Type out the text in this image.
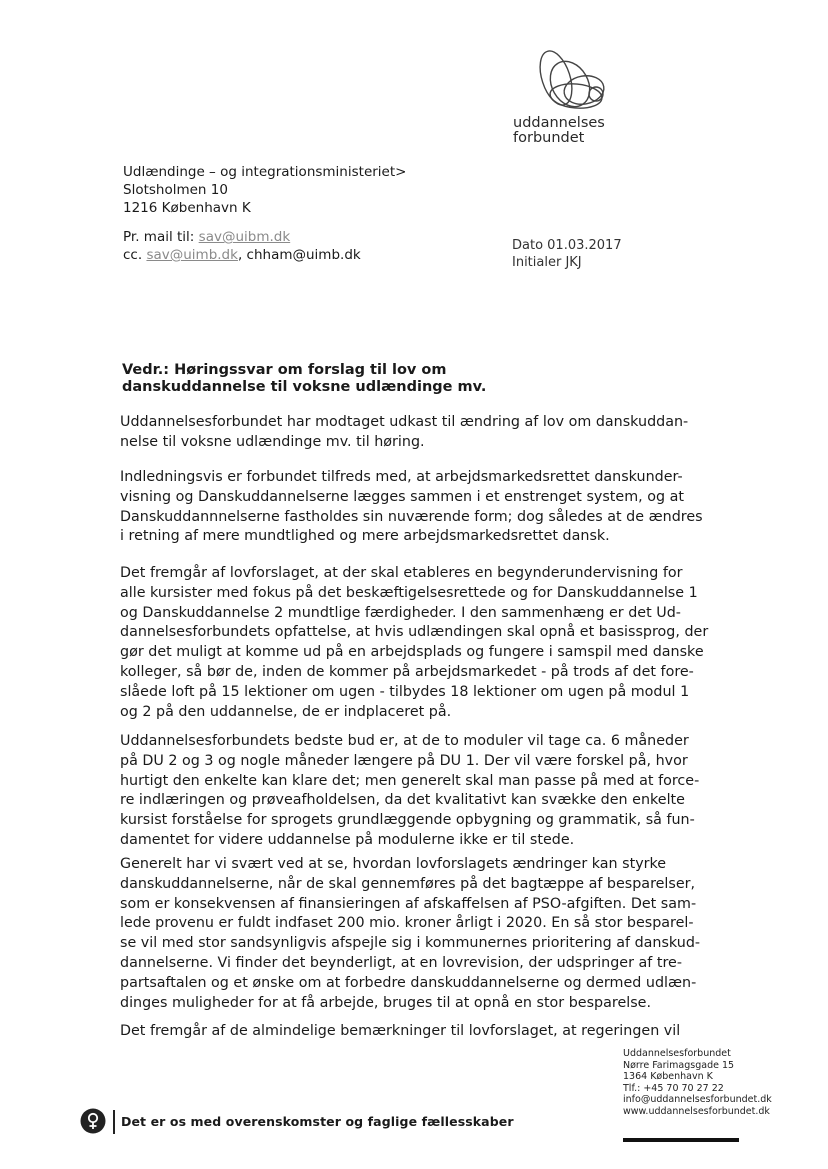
uddannelses
forbundet
Udlændinge – og integrationsministeriet>
Slotsholmen 10
1216 København K
Pr. mail til: sav@uibm.dk
cc. sav@uimb.dk, chham@uimb.dk
Dato 01.03.2017
Initialer JKJ
Vedr.: Høringssvar om forslag til lov om
danskuddannelse til voksne udlændinge mv.
Uddannelsesforbundet har modtaget udkast til ændring af lov om danskuddan-
nelse til voksne udlændinge mv. til høring.
Indledningsvis er forbundet tilfreds med, at arbejdsmarkedsrettet danskunder-
visning og Danskuddannelserne lægges sammen i et enstrenget system, og at
Danskuddannnelserne fastholdes sin nuværende form; dog således at de ændres
i retning af mere mundtlighed og mere arbejdsmarkedsrettet dansk.
Det fremgår af lovforslaget, at der skal etableres en begynderundervisning for
alle kursister med fokus på det beskæftigelsesrettede og for Danskuddannelse 1
og Danskuddannelse 2 mundtlige færdigheder. I den sammenhæng er det Ud-
dannelsesforbundets opfattelse, at hvis udlændingen skal opnå et basissprog, der
gør det muligt at komme ud på en arbejdsplads og fungere i samspil med danske
kolleger, så bør de, inden de kommer på arbejdsmarkedet - på trods af det fore-
slåede loft på 15 lektioner om ugen - tilbydes 18 lektioner om ugen på modul 1
og 2 på den uddannelse, de er indplaceret på.
Uddannelsesforbundets bedste bud er, at de to moduler vil tage ca. 6 måneder
på DU 2 og 3 og nogle måneder længere på DU 1. Der vil være forskel på, hvor
hurtigt den enkelte kan klare det; men generelt skal man passe på med at force-
re indlæringen og prøveafholdelsen, da det kvalitativt kan svække den enkelte
kursist forståelse for sprogets grundlæggende opbygning og grammatik, så fun-
damentet for videre uddannelse på modulerne ikke er til stede.
Generelt har vi svært ved at se, hvordan lovforslagets ændringer kan styrke
danskuddannelserne, når de skal gennemføres på det bagtæppe af besparelser,
som er konsekvensen af finansieringen af afskaffelsen af PSO-afgiften. Det sam-
lede provenu er fuldt indfaset 200 mio. kroner årligt i 2020. En så stor besparel-
se vil med stor sandsynligvis afspejle sig i kommunernes prioritering af danskud-
dannelserne. Vi finder det beynderligt, at en lovrevision, der udspringer af tre-
partsaftalen og et ønske om at forbedre danskuddannelserne og dermed udlæn-
dinges muligheder for at få arbejde, bruges til at opnå en stor besparelse.
Det fremgår af de almindelige bemærkninger til lovforslaget, at regeringen vil
Uddannelsesforbundet
Nørre Farimagsgade 15
1364 København K
Tlf.: +45 70 70 27 22
info@uddannelsesforbundet.dk
www.uddannelsesforbundet.dk
Det er os med overenskomster og faglige fællesskaber
